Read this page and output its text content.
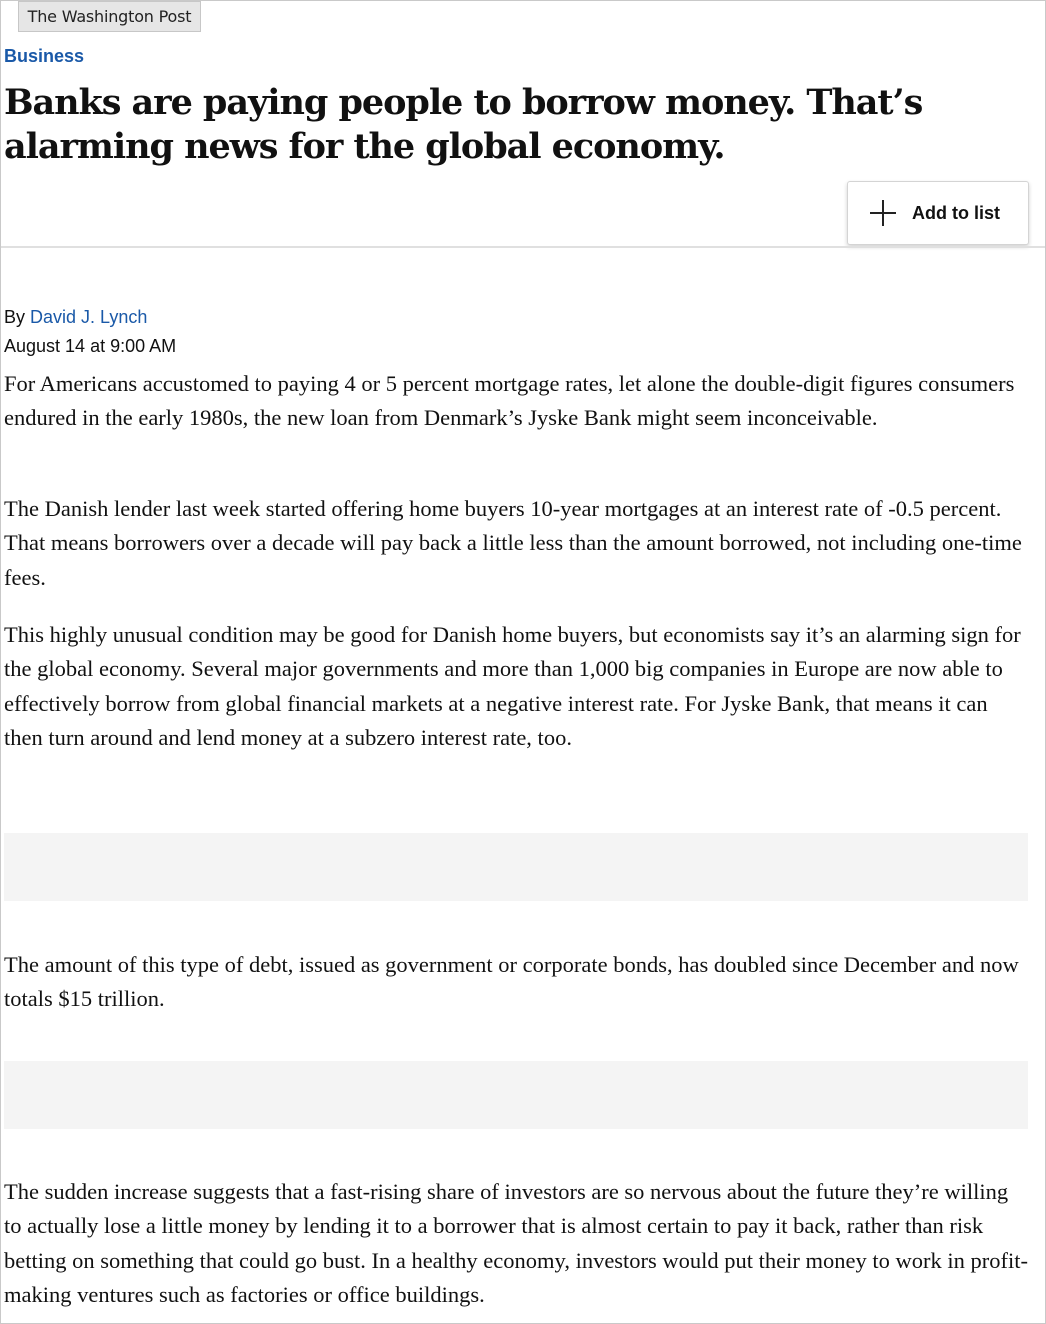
The Washington Post
Business
Banks are paying people to borrow money. That’s alarming news for the global economy.
Add to list
By David J. Lynch
August 14 at 9:00 AM

For Americans accustomed to paying 4 or 5 percent mortgage rates, let alone the double-digit figures consumers endured in the early 1980s, the new loan from Denmark’s Jyske Bank might seem inconceivable.

The Danish lender last week started offering home buyers 10-year mortgages at an interest rate of -0.5 percent. That means borrowers over a decade will pay back a little less than the amount borrowed, not including one-time fees.

This highly unusual condition may be good for Danish home buyers, but economists say it’s an alarming sign for the global economy. Several major governments and more than 1,000 big companies in Europe are now able to effectively borrow from global financial markets at a negative interest rate. For Jyske Bank, that means it can then turn around and lend money at a subzero interest rate, too.

The amount of this type of debt, issued as government or corporate bonds, has doubled since December and now totals $15 trillion.

The sudden increase suggests that a fast-rising share of investors are so nervous about the future they’re willing to actually lose a little money by lending it to a borrower that is almost certain to pay it back, rather than risk betting on something that could go bust. In a healthy economy, investors would put their money to work in profit-making ventures such as factories or office buildings.
